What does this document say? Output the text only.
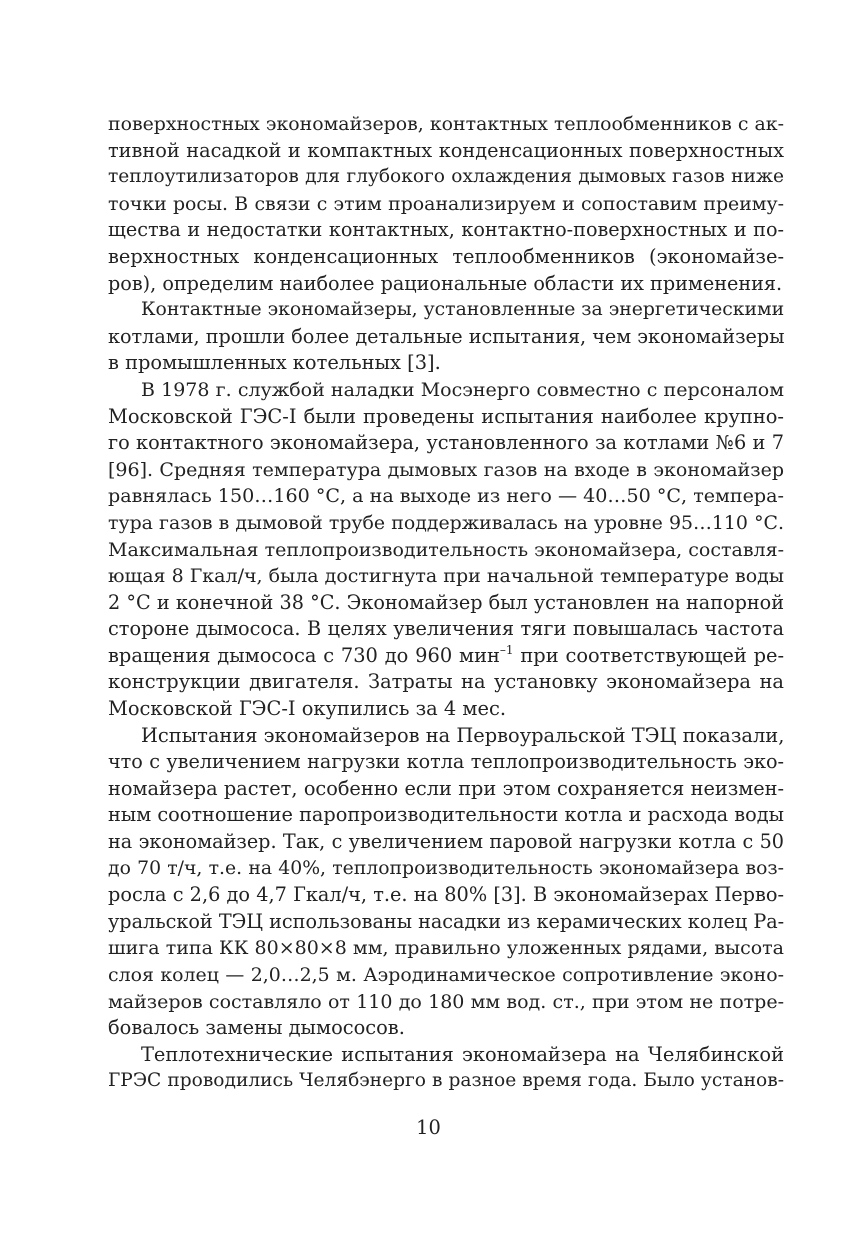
поверхностных экономайзеров, контактных теплообменников с ак-
тивной насадкой и компактных конденсационных поверхностных
теплоутилизаторов для глубокого охлаждения дымовых газов ниже
точки росы. В связи с этим проанализируем и сопоставим преиму-
щества и недостатки контактных, контактно-поверхностных и по-
верхностных конденсационных теплообменников (экономайзе-
ров), определим наиболее рациональные области их применения.
Контактные экономайзеры, установленные за энергетическими
котлами, прошли более детальные испытания, чем экономайзеры
в промышленных котельных [3].
В 1978 г. службой наладки Мосэнерго совместно с персоналом
Московской ГЭС-I были проведены испытания наиболее крупно-
го контактного экономайзера, установленного за котлами №6 и 7
[96]. Средняя температура дымовых газов на входе в экономайзер
равнялась 150…160 °С, а на выходе из него — 40…50 °С, темпера-
тура газов в дымовой трубе поддерживалась на уровне 95…110 °С.
Максимальная теплопроизводительность экономайзера, составля-
ющая 8 Гкал/ч, была достигнута при начальной температуре воды
2 °С и конечной 38 °С. Экономайзер был установлен на напорной
стороне дымососа. В целях увеличения тяги повышалась частота
вращения дымососа с 730 до 960 мин$^{-1}$ при соответствующей ре-
конструкции двигателя. Затраты на установку экономайзера на
Московской ГЭС-I окупились за 4 мес.
Испытания экономайзеров на Первоуральской ТЭЦ показали,
что с увеличением нагрузки котла теплопроизводительность эко-
номайзера растет, особенно если при этом сохраняется неизмен-
ным соотношение паропроизводительности котла и расхода воды
на экономайзер. Так, с увеличением паровой нагрузки котла с 50
до 70 т/ч, т.е. на 40%, теплопроизводительность экономайзера воз-
росла с 2,6 до 4,7 Гкал/ч, т.е. на 80% [3]. В экономайзерах Перво-
уральской ТЭЦ использованы насадки из керамических колец Ра-
шига типа КК 80×80×8 мм, правильно уложенных рядами, высота
слоя колец — 2,0…2,5 м. Аэродинамическое сопротивление эконо-
майзеров составляло от 110 до 180 мм вод. ст., при этом не потре-
бовалось замены дымососов.
Теплотехнические испытания экономайзера на Челябинской
ГРЭС проводились Челябэнерго в разное время года. Было установ-
10
